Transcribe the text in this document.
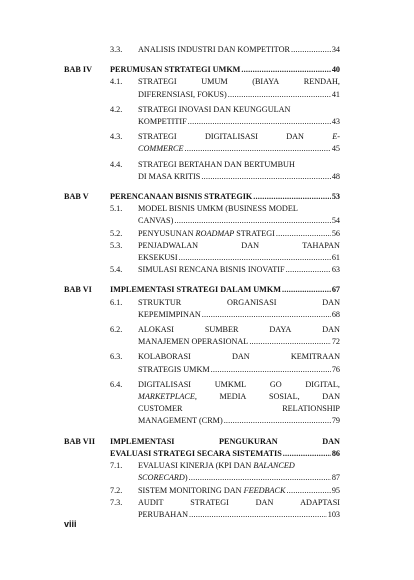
3.3. ANALISIS INDUSTRI DAN KOMPETITOR .....	34
BAB IV PERUMUSAN STRTATEGI UMKM .....	40
4.1. STRATEGI	UMUM	(BIAYA	RENDAH,
DIFERENSIASI, FOKUS) .....	41
4.2. STRATEGI INOVASI DAN KEUNGGULAN
KOMPETITIF .....	43
4.3. STRATEGI	DIGITALISASI	DAN	E-
COMMERCE .....	45
4.4. STRATEGI BERTAHAN DAN BERTUMBUH
DI MASA KRITIS .....	48
BAB V	PERENCANAAN BISNIS STRATEGIK .....	53
5.1. MODEL BISNIS UMKM (BUSINESS MODEL
CANVAS) .....	54
5.2. PENYUSUNAN ROADMAP STRATEGI .....	56
5.3. PENJADWALAN	DAN	TAHAPAN
EKSEKUSI .....	61
5.4. SIMULASI RENCANA BISNIS INOVATIF .....	63
BAB VI IMPLEMENTASI STRATEGI DALAM UMKM .....	67
6.1. STRUKTUR	ORGANISASI	DAN
KEPEMIMPINAN .....	68
6.2. ALOKASI	SUMBER	DAYA	DAN
MANAJEMEN OPERASIONAL .....	72
6.3. KOLABORASI	DAN	KEMITRAAN
STRATEGIS UMKM .....	76
6.4. DIGITALISASI	UMKML	GO	DIGITAL,
MARKETPLACE,	MEDIA	SOSIAL,	DAN
CUSTOMER	RELATIONSHIP
MANAGEMENT (CRM) .....	79
BAB VII IMPLEMENTASI	PENGUKURAN	DAN
EVALUASI STRATEGI SECARA SISTEMATIS .....	86
7.1. EVALUASI KINERJA (KPI DAN BALANCED
SCORECARD) .....	87
7.2. SISTEM MONITORING DAN FEEDBACK .....	95
7.3. AUDIT	STRATEGI	DAN	ADAPTASI
PERUBAHAN .....	103
viii
